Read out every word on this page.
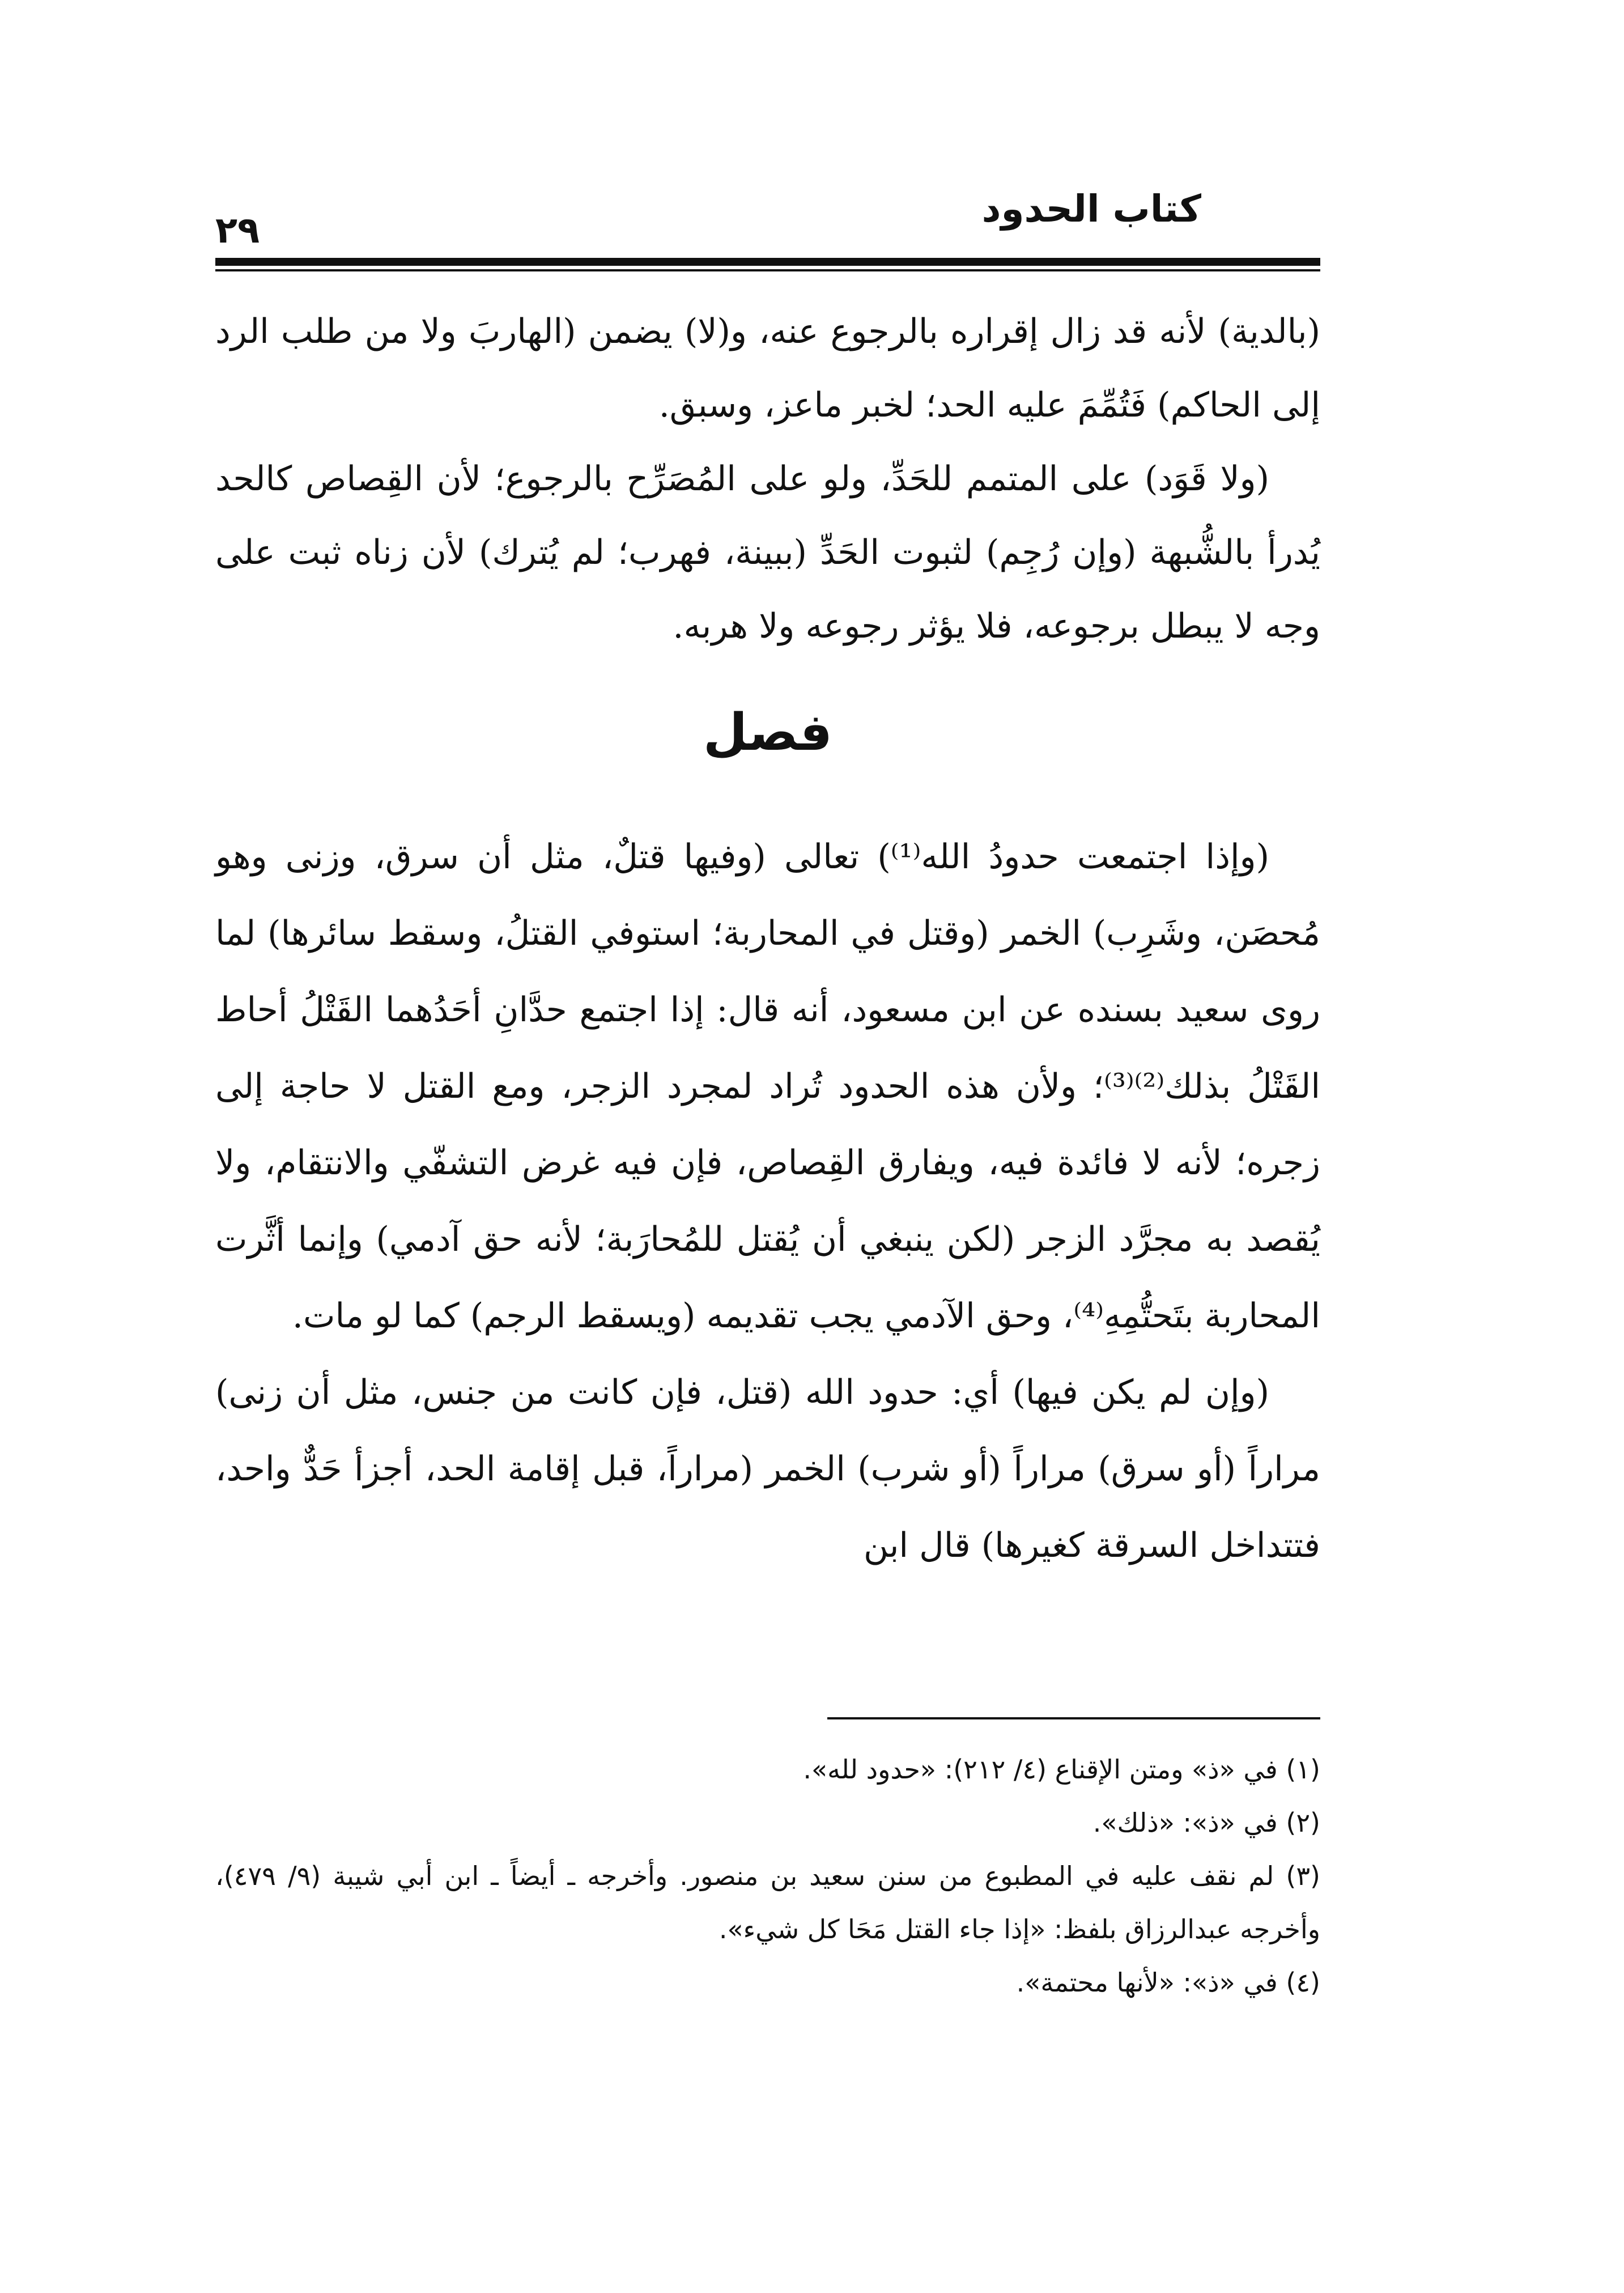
كتاب الحدود
٢٩

(بالدية) لأنه قد زال إقراره بالرجوع عنه، و(لا) يضمن (الهاربَ ولا من طلب الرد إلى الحاكم) فَتُمِّمَ عليه الحد؛ لخبر ماعز، وسبق.

(ولا قَوَد) على المتمم للحَدِّ، ولو على المُصَرِّح بالرجوع؛ لأن القِصاص كالحد يُدرأ بالشُّبهة (وإن رُجِم) لثبوت الحَدِّ (ببينة، فهرب؛ لم يُترك) لأن زناه ثبت على وجه لا يبطل برجوعه، فلا يؤثر رجوعه ولا هربه.

فصل

(وإذا اجتمعت حدودُ الله⁽¹⁾) تعالى (وفيها قتلٌ، مثل أن سرق، وزنى وهو مُحصَن، وشَرِب) الخمر (وقتل في المحاربة؛ استوفي القتلُ، وسقط سائرها) لما روى سعيد بسنده عن ابن مسعود، أنه قال: إذا اجتمع حدَّانِ أحَدُهما القَتْلُ أحاط القَتْلُ بذلك⁽²⁾⁽³⁾؛ ولأن هذه الحدود تُراد لمجرد الزجر، ومع القتل لا حاجة إلى زجره؛ لأنه لا فائدة فيه، ويفارق القِصاص، فإن فيه غرض التشفّي والانتقام، ولا يُقصد به مجرَّد الزجر (لكن ينبغي أن يُقتل للمُحارَبة؛ لأنه حق آدمي) وإنما أثَّرت المحاربة بتَحتُّمِهِ⁽⁴⁾، وحق الآدمي يجب تقديمه (ويسقط الرجم) كما لو مات.

(وإن لم يكن فيها) أي: حدود الله (قتل، فإن كانت من جنس، مثل أن زنى) مراراً (أو سرق) مراراً (أو شرب) الخمر (مراراً، قبل إقامة الحد، أجزأ حَدٌّ واحد، فتتداخل السرقة كغيرها) قال ابن

(١) في «ذ» ومتن الإقناع (٤/ ٢١٢): «حدود لله».

(٢) في «ذ»: «ذلك».

(٣) لم نقف عليه في المطبوع من سنن سعيد بن منصور. وأخرجه ـ أيضاً ـ ابن أبي شيبة (٩/ ٤٧٩)، وأخرجه عبدالرزاق بلفظ: «إذا جاء القتل مَحَا كل شيء».

(٤) في «ذ»: «لأنها محتمة».
